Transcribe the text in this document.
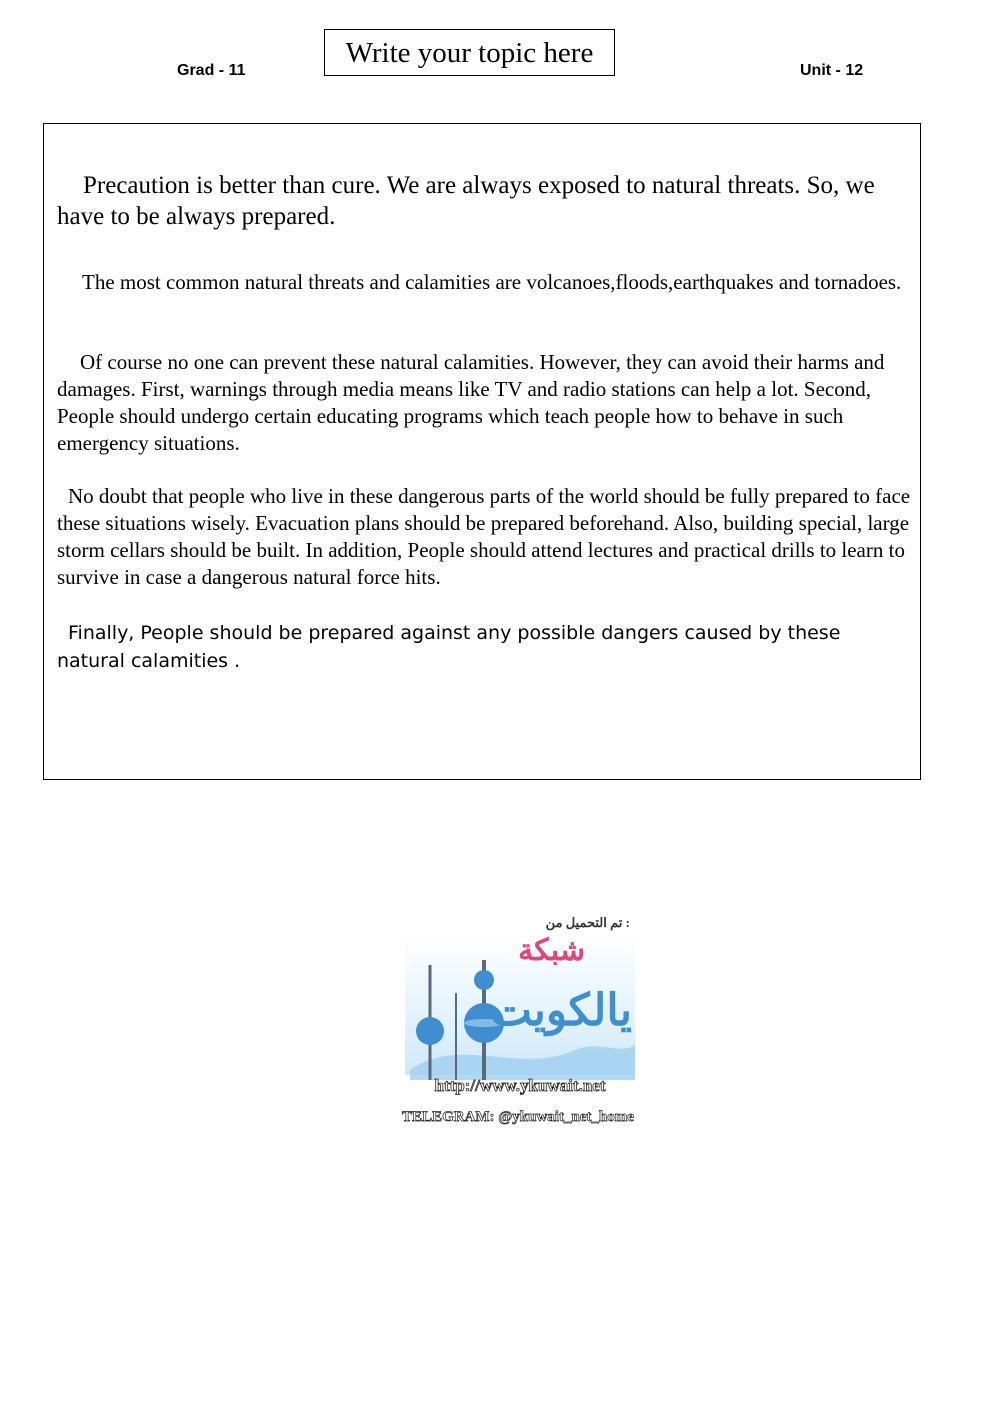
Grad - 11
Write your topic here
Unit - 12

Precaution is better than cure. We are always exposed to natural threats. So, we have to be always prepared.

The most common natural threats and calamities are volcanoes,floods,earthquakes and tornadoes.

Of course no one can prevent these natural calamities. However, they can avoid their harms and damages. First, warnings through media means like TV and radio stations can help a lot. Second, People should undergo certain educating programs which teach people how to behave in such emergency situations.

No doubt that people who live in these dangerous parts of the world should be fully prepared to face these situations wisely. Evacuation plans should be prepared beforehand. Also, building special, large storm cellars should be built. In addition, People should attend lectures and practical drills to learn to survive in case a dangerous natural force hits.

Finally, People should be prepared against any possible dangers caused by these natural calamities .

تم التحميل من :
شبكة
يالكويت
http://www.ykuwait.net
TELEGRAM: @ykuwait_net_home
